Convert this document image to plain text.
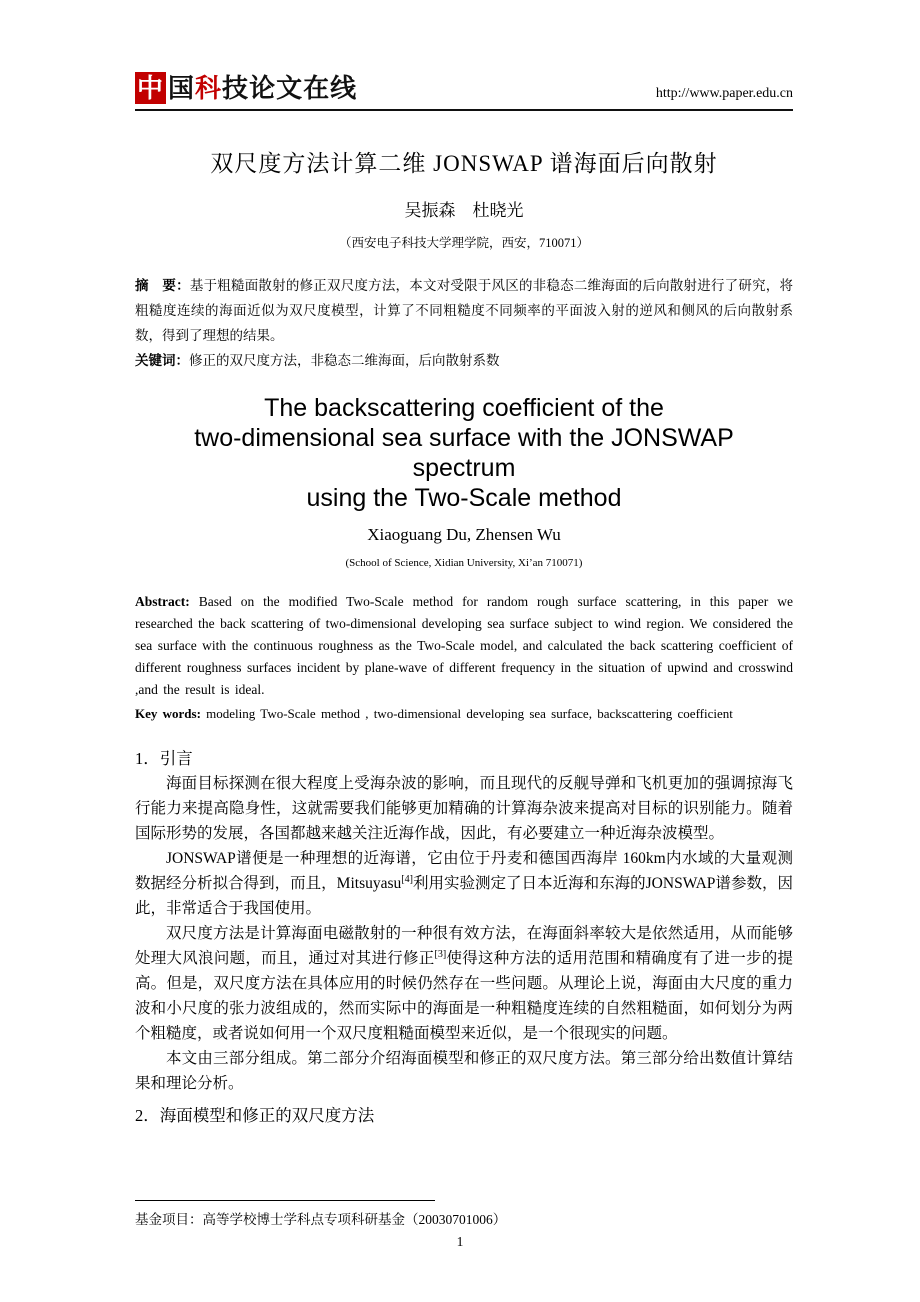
中 国 科 技 论 文 在 线	http://www.paper.edu.cn
双尺度方法计算二维 JONSWAP 谱海面后向散射
吴振森　杜晓光
（西安电子科技大学理学院，西安，710071）

摘　要：基于粗糙面散射的修正双尺度方法，本文对受限于风区的非稳态二维海面的后向散射进行了研究，将粗糙度连续的海面近似为双尺度模型，计算了不同粗糙度不同频率的平面波入射的逆风和侧风的后向散射系数，得到了理想的结果。

关键词：修正的双尺度方法，非稳态二维海面，后向散射系数

The backscattering coefficient of the
two-dimensional sea surface with the JONSWAP
spectrum
using the Two-Scale method
Xiaoguang Du, Zhensen Wu
(School of Science, Xidian University, Xi’an 710071)

Abstract: Based on the modified Two-Scale method for random rough surface scattering, in this paper we researched the back scattering of two-dimensional developing sea surface subject to wind region. We considered the sea surface with the continuous roughness as the Two-Scale model, and calculated the back scattering coefficient of different roughness surfaces incident by plane-wave of different frequency in the situation of upwind and crosswind ,and the result is ideal.

Key words: modeling Two-Scale method , two-dimensional developing sea surface, backscattering coefficient

1．引言

海面目标探测在很大程度上受海杂波的影响，而且现代的反舰导弹和飞机更加的强调掠海飞行能力来提高隐身性，这就需要我们能够更加精确的计算海杂波来提高对目标的识别能力。随着国际形势的发展，各国都越来越关注近海作战，因此，有必要建立一种近海杂波模型。

JONSWAP谱便是一种理想的近海谱，它由位于丹麦和德国西海岸 160km内水域的大量观测数据经分析拟合得到，而且，Mitsuyasu[4]利用实验测定了日本近海和东海的JONSWAP谱参数，因此，非常适合于我国使用。

双尺度方法是计算海面电磁散射的一种很有效方法，在海面斜率较大是依然适用，从而能够处理大风浪问题，而且，通过对其进行修正[3]使得这种方法的适用范围和精确度有了进一步的提高。但是，双尺度方法在具体应用的时候仍然存在一些问题。从理论上说，海面由大尺度的重力波和小尺度的张力波组成的，然而实际中的海面是一种粗糙度连续的自然粗糙面，如何划分为两个粗糙度，或者说如何用一个双尺度粗糙面模型来近似，是一个很现实的问题。

本文由三部分组成。第二部分介绍海面模型和修正的双尺度方法。第三部分给出数值计算结果和理论分析。

2．海面模型和修正的双尺度方法
基金项目：高等学校博士学科点专项科研基金（20030701006）
1
